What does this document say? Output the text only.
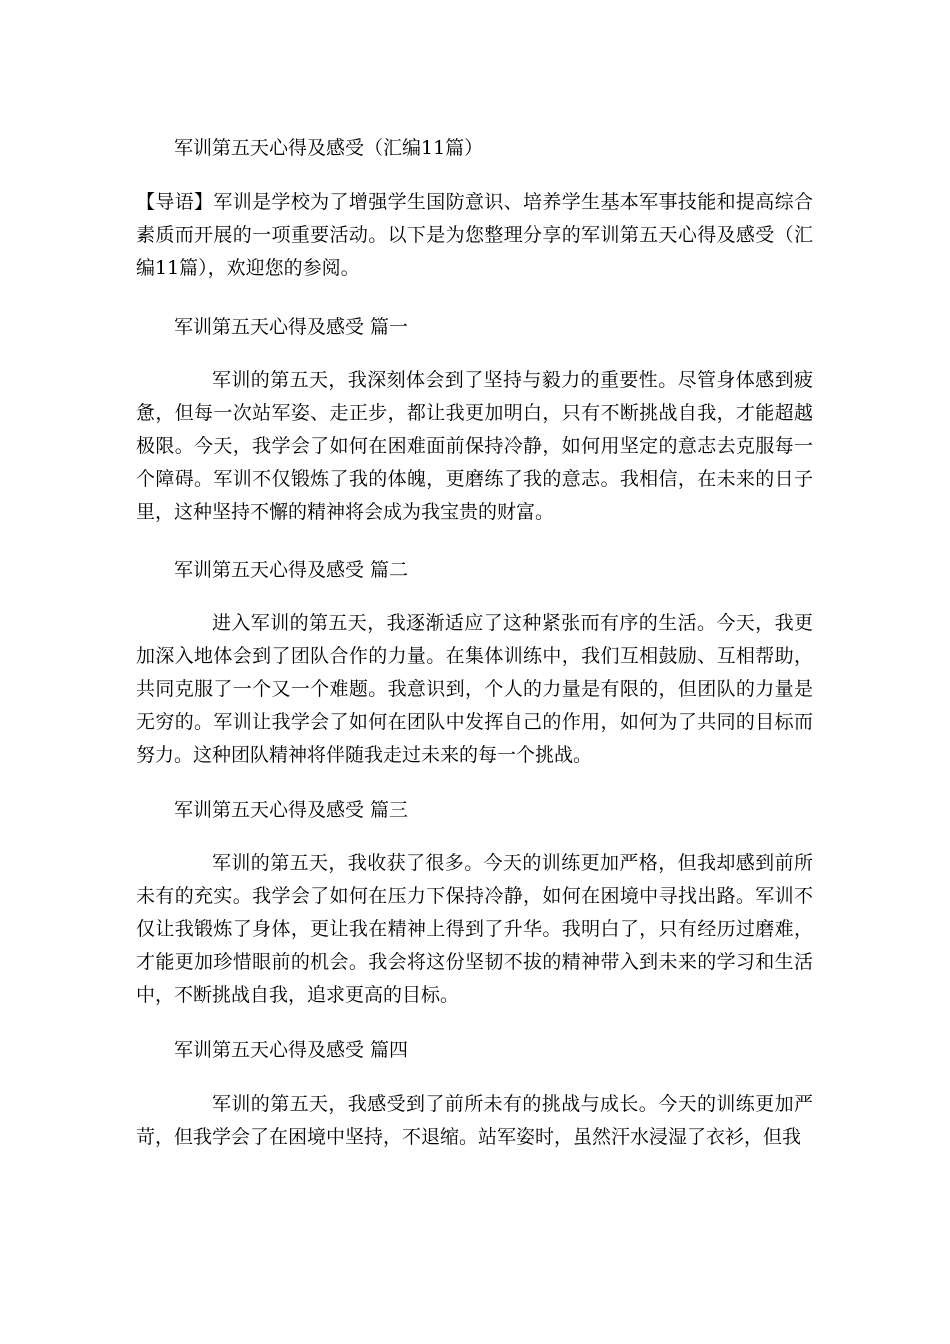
军训第五天心得及感受（汇编11篇）
【导语】军训是学校为了增强学生国防意识、培养学生基本军事技能和提高综合素质而开展的一项重要活动。以下是为您整理分享的军训第五天心得及感受（汇编11篇），欢迎您的参阅。
军训第五天心得及感受 篇一

军训的第五天，我深刻体会到了坚持与毅力的重要性。尽管身体感到疲惫，但每一次站军姿、走正步，都让我更加明白，只有不断挑战自我，才能超越极限。今天，我学会了如何在困难面前保持冷静，如何用坚定的意志去克服每一个障碍。军训不仅锻炼了我的体魄，更磨练了我的意志。我相信，在未来的日子里，这种坚持不懈的精神将会成为我宝贵的财富。

军训第五天心得及感受 篇二

进入军训的第五天，我逐渐适应了这种紧张而有序的生活。今天，我更加深入地体会到了团队合作的力量。在集体训练中，我们互相鼓励、互相帮助，共同克服了一个又一个难题。我意识到，个人的力量是有限的，但团队的力量是无穷的。军训让我学会了如何在团队中发挥自己的作用，如何为了共同的目标而努力。这种团队精神将伴随我走过未来的每一个挑战。

军训第五天心得及感受 篇三

军训的第五天，我收获了很多。今天的训练更加严格，但我却感到前所未有的充实。我学会了如何在压力下保持冷静，如何在困境中寻找出路。军训不仅让我锻炼了身体，更让我在精神上得到了升华。我明白了，只有经历过磨难，才能更加珍惜眼前的机会。我会将这份坚韧不拔的精神带入到未来的学习和生活中，不断挑战自我，追求更高的目标。

军训第五天心得及感受 篇四

军训的第五天，我感受到了前所未有的挑战与成长。今天的训练更加严苛，但我学会了在困境中坚持，不退缩。站军姿时，虽然汗水浸湿了衣衫，但我
